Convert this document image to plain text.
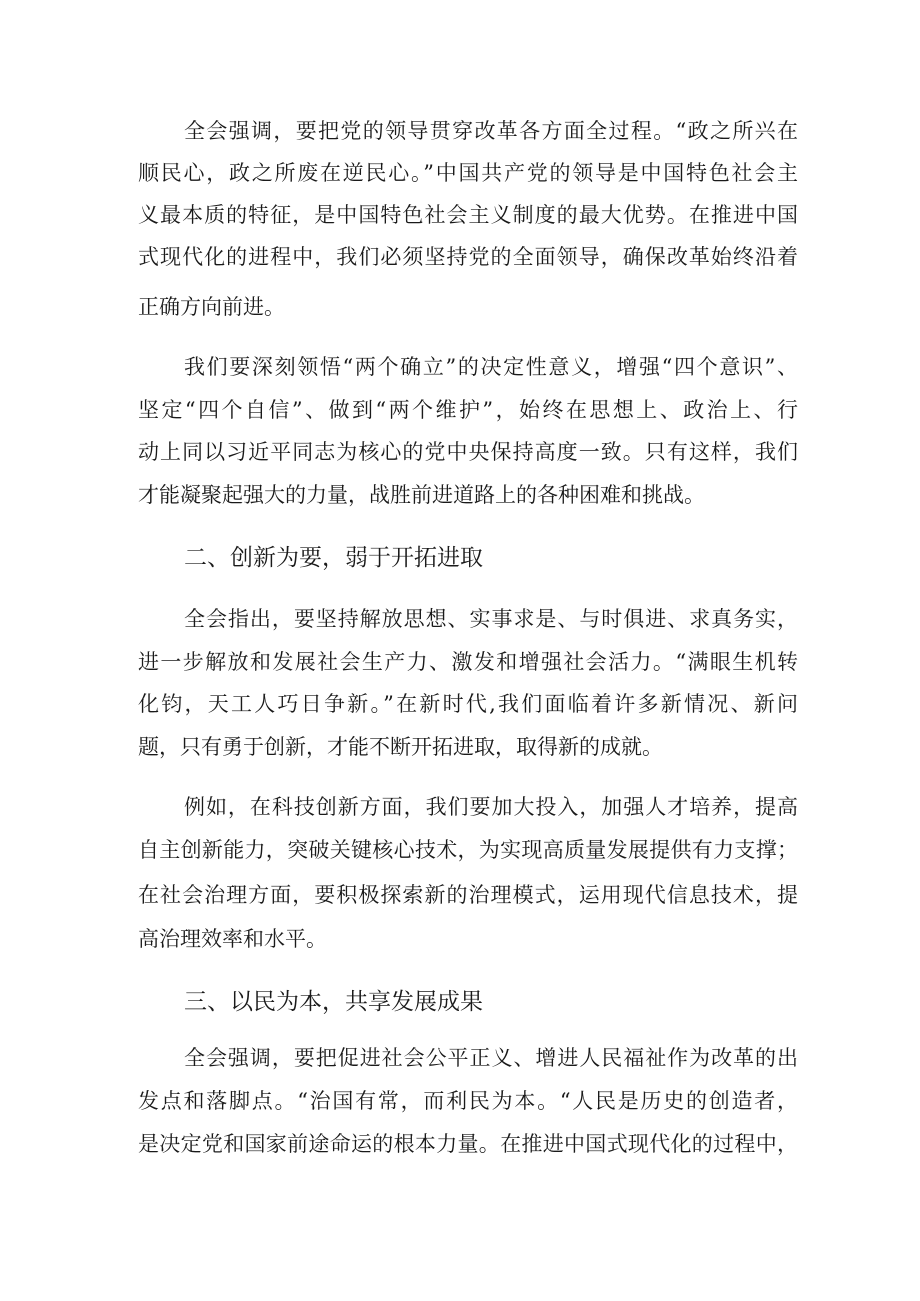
全会强调，要把党的领导贯穿改革各方面全过程。“政之所兴在

顺民心，政之所废在逆民心。”中国共产党的领导是中国特色社会主

义最本质的特征，是中国特色社会主义制度的最大优势。在推进中国

式现代化的进程中，我们必须坚持党的全面领导，确保改革始终沿着

正确方向前进。

我们要深刻领悟“两个确立”的决定性意义，增强“四个意识”、

坚定“四个自信”、做到“两个维护”，始终在思想上、政治上、行

动上同以习近平同志为核心的党中央保持高度一致。只有这样，我们

才能凝聚起强大的力量，战胜前进道路上的各种困难和挑战。

二、创新为要，弱于开拓进取

全会指出，要坚持解放思想、实事求是、与时俱进、求真务实，

进一步解放和发展社会生产力、激发和增强社会活力。“满眼生机转

化钧，天工人巧日争新。”在新时代,我们面临着许多新情况、新问

题，只有勇于创新，才能不断开拓进取，取得新的成就。

例如，在科技创新方面，我们要加大投入，加强人才培养，提高

自主创新能力，突破关键核心技术，为实现高质量发展提供有力支撑；

在社会治理方面，要积极探索新的治理模式，运用现代信息技术，提

高治理效率和水平。

三、以民为本，共享发展成果

全会强调，要把促进社会公平正义、增进人民福祉作为改革的出

发点和落脚点。“治国有常，而利民为本。“人民是历史的创造者，

是决定党和国家前途命运的根本力量。在推进中国式现代化的过程中，
